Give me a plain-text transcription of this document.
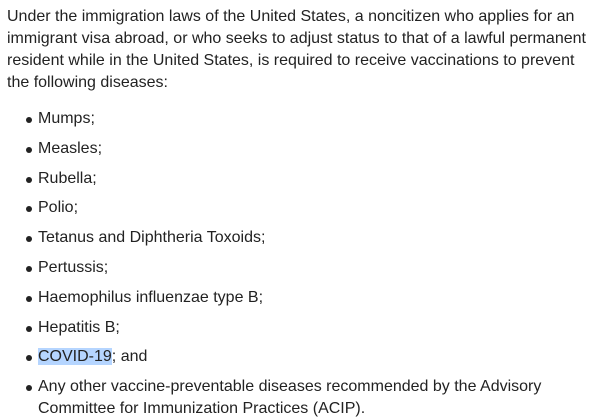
Under the immigration laws of the United States, a noncitizen who applies for an immigrant visa abroad, or who seeks to adjust status to that of a lawful permanent resident while in the United States, is required to receive vaccinations to prevent the following diseases:

Mumps;
Measles;
Rubella;
Polio;
Tetanus and Diphtheria Toxoids;
Pertussis;
Haemophilus influenzae type B;
Hepatitis B;
COVID-19; and
Any other vaccine-preventable diseases recommended by the Advisory Committee for Immunization Practices (ACIP).
